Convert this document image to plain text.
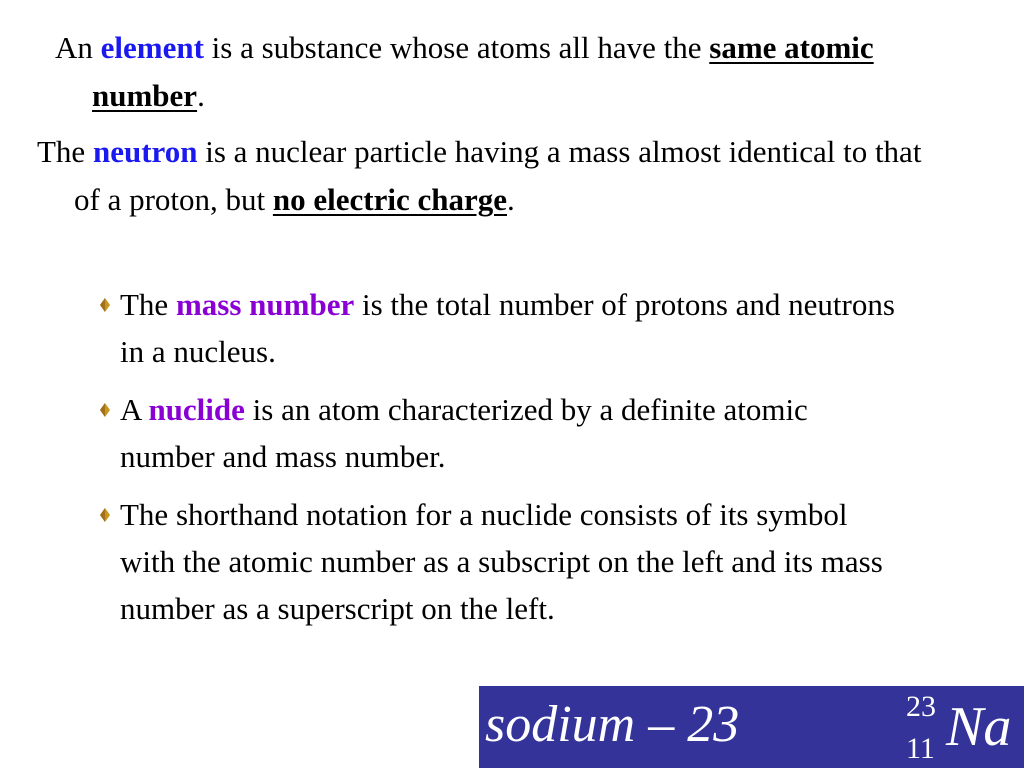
An element is a substance whose atoms all have the same atomic number.

The neutron is a nuclear particle having a mass almost identical to that of a proton, but no electric charge.

The mass number is the total number of protons and neutrons in a nucleus.
A nuclide is an atom characterized by a definite atomic number and mass number.
The shorthand notation for a nuclide consists of its symbol with the atomic number as a subscript on the left and its mass number as a superscript on the left.
sodium – 23	23
11 Na
